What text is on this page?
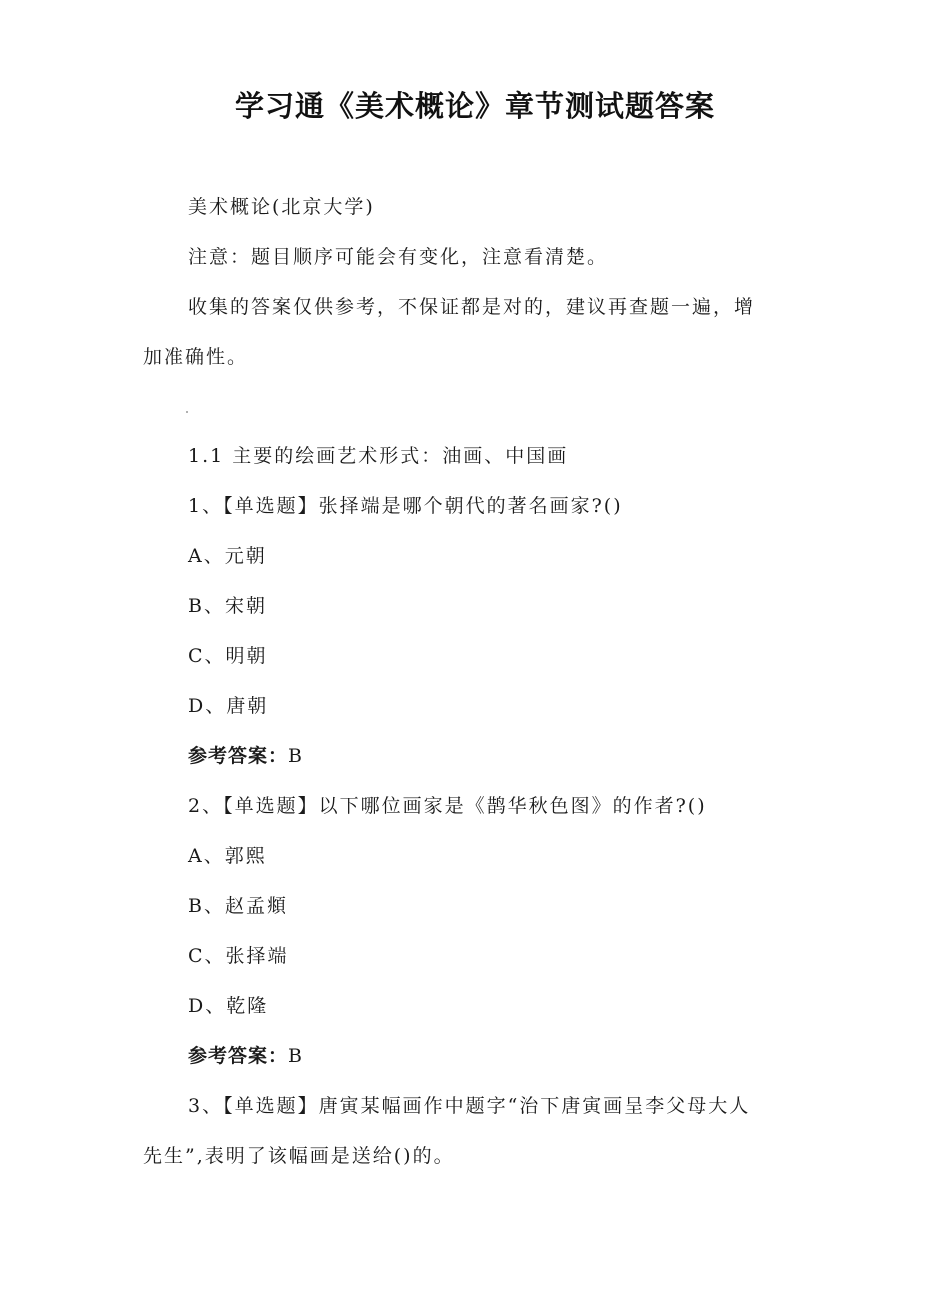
学习通《美术概论》章节测试题答案
美术概论(北京大学)
注意：题目顺序可能会有变化，注意看清楚。
收集的答案仅供参考，不保证都是对的，建议再查题一遍，增
加准确性。
1.1 主要的绘画艺术形式：油画、中国画
1、【单选题】张择端是哪个朝代的著名画家?()
A、元朝
B、宋朝
C、明朝
D、唐朝
参考答案：B
2、【单选题】以下哪位画家是《鹊华秋色图》的作者?()
A、郭熙
B、赵孟頫
C、张择端
D、乾隆
参考答案：B
3、【单选题】唐寅某幅画作中题字“治下唐寅画呈李父母大人
先生”,表明了该幅画是送给()的。
